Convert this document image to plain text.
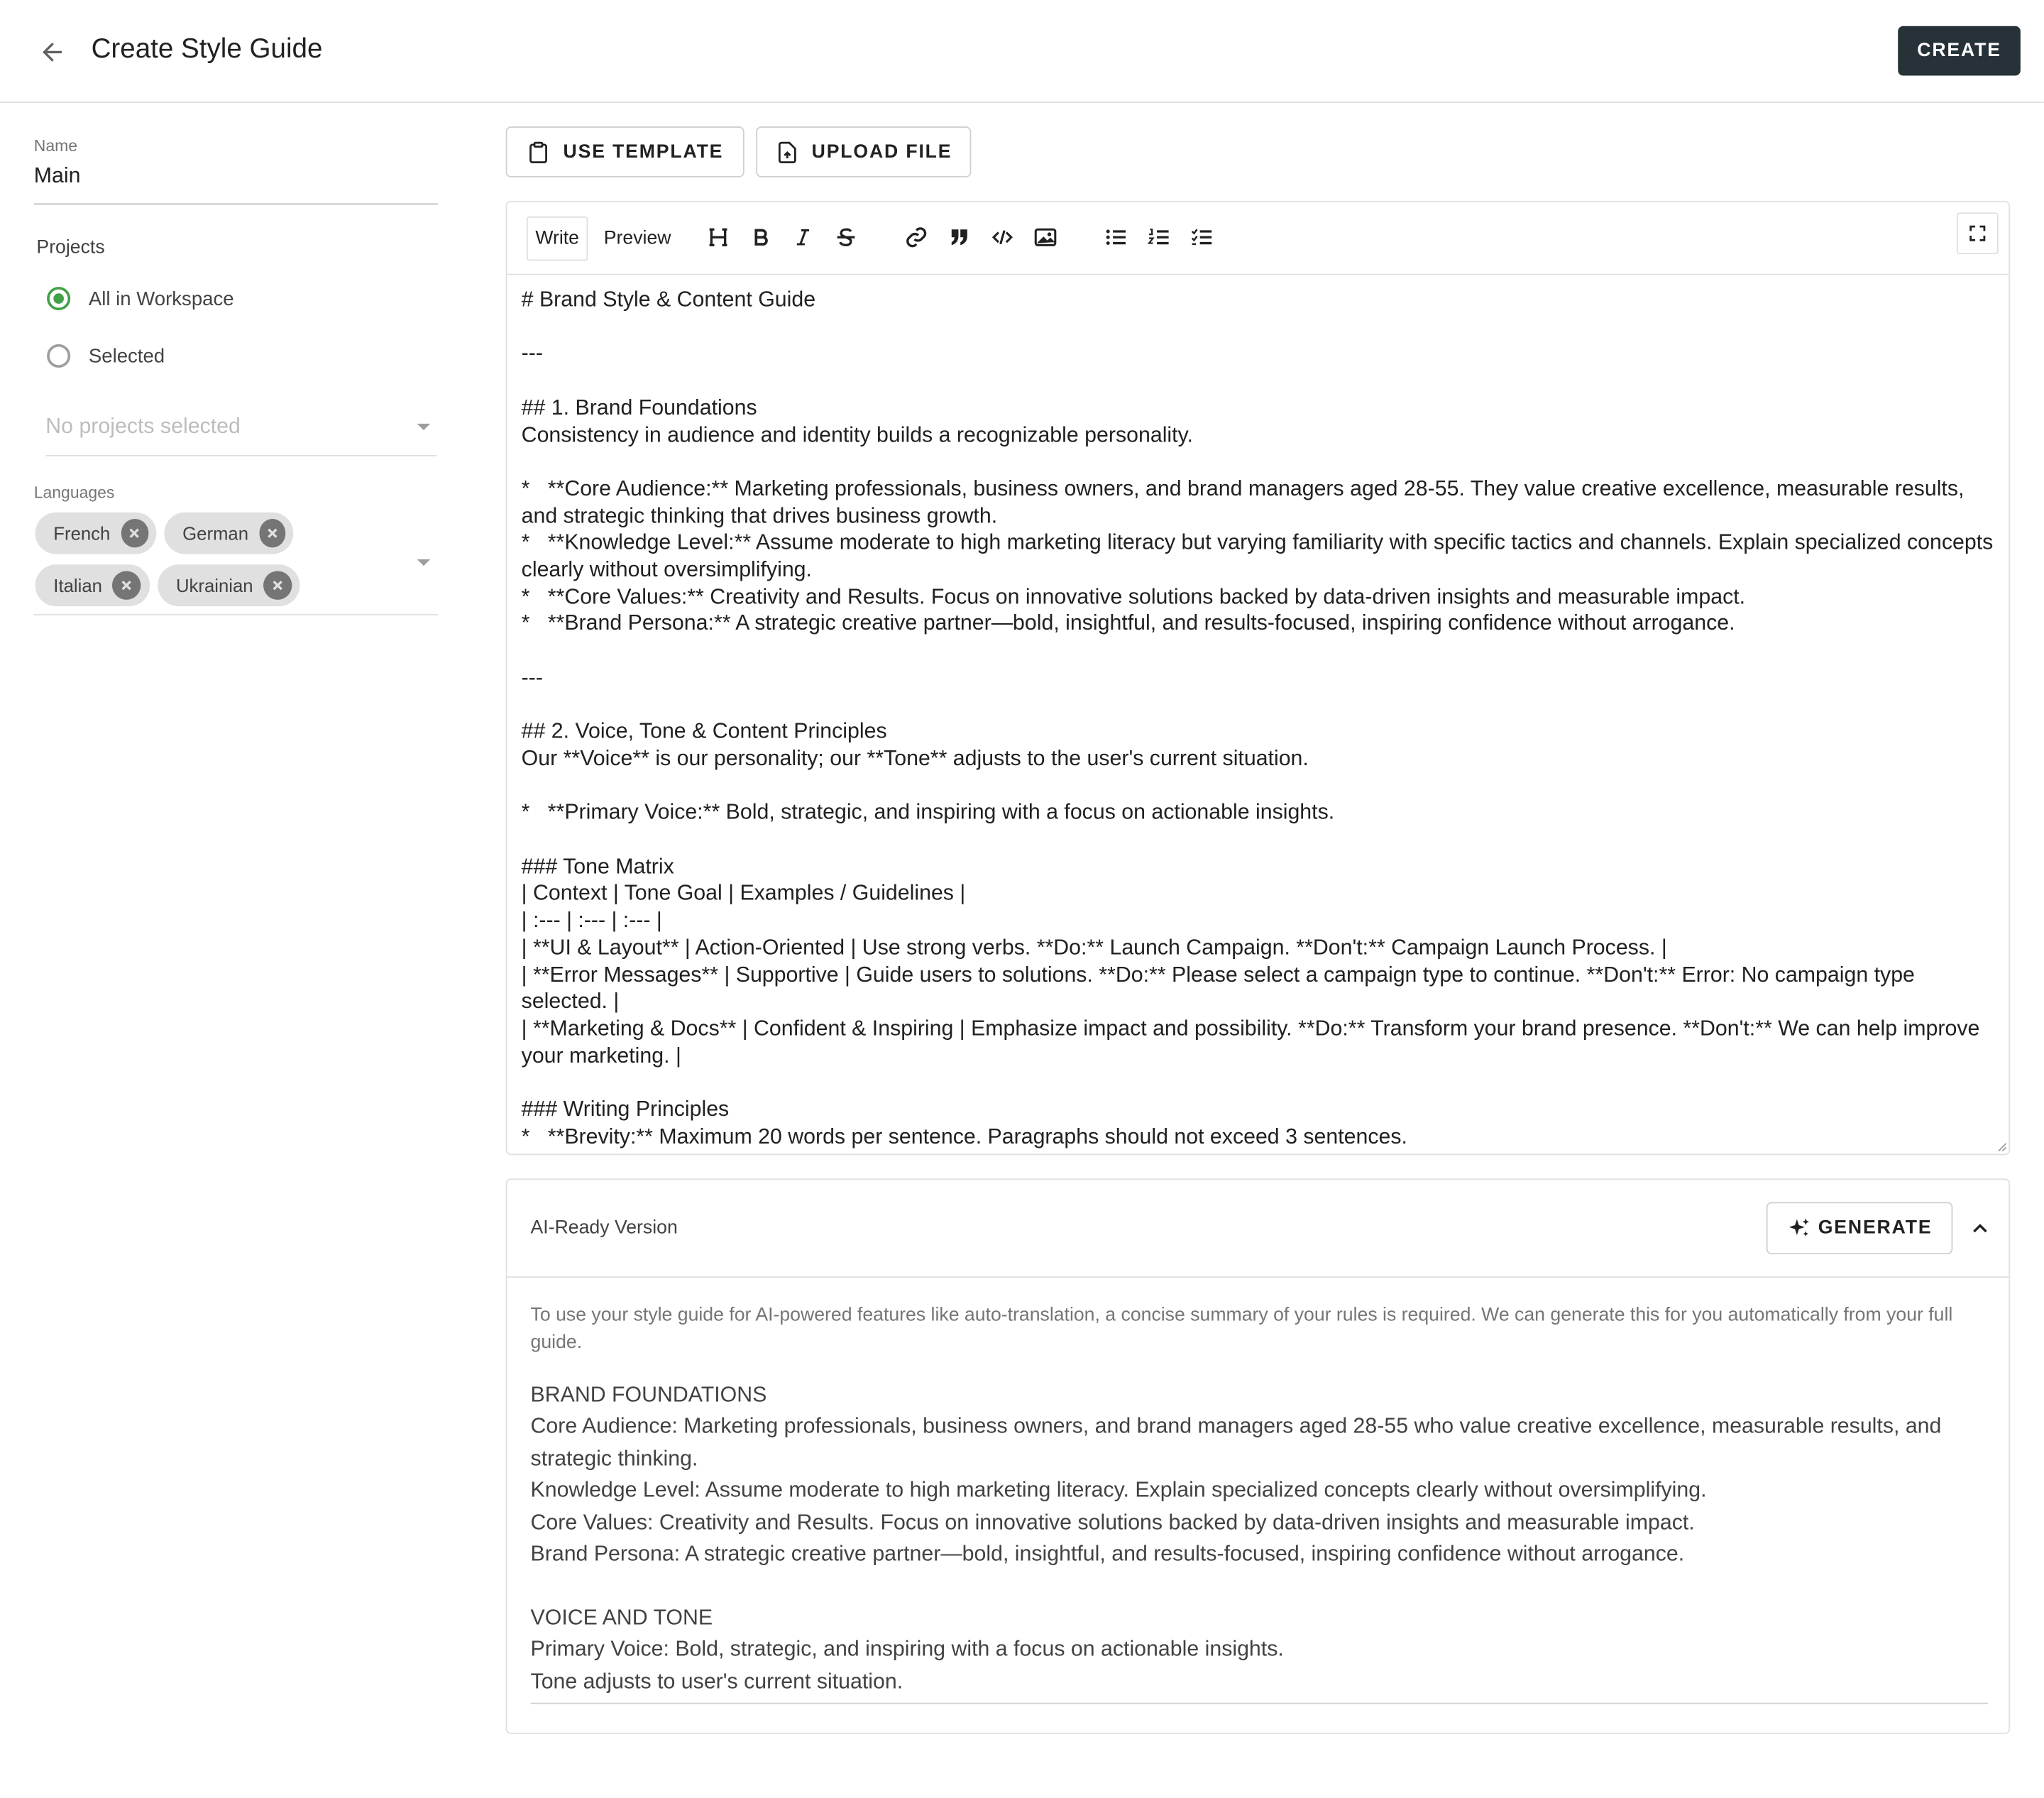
Create Style Guide	CREATE
Name
Main
Projects
All in Workspace
Selected
No projects selected
Languages
French	German
Italian	Ukrainian
USE TEMPLATE	UPLOAD FILE
Write	Preview
# Brand Style & Content Guide

---

## 1. Brand Foundations
Consistency in audience and identity builds a recognizable personality.

*   **Core Audience:** Marketing professionals, business owners, and brand managers aged 28-55. They value creative excellence, measurable results, and strategic thinking that drives business growth.
*   **Knowledge Level:** Assume moderate to high marketing literacy but varying familiarity with specific tactics and channels. Explain specialized concepts clearly without oversimplifying.
*   **Core Values:** Creativity and Results. Focus on innovative solutions backed by data-driven insights and measurable impact.
*   **Brand Persona:** A strategic creative partner—bold, insightful, and results-focused, inspiring confidence without arrogance.

---

## 2. Voice, Tone & Content Principles
Our **Voice** is our personality; our **Tone** adjusts to the user's current situation.

*   **Primary Voice:** Bold, strategic, and inspiring with a focus on actionable insights.

### Tone Matrix
| Context | Tone Goal | Examples / Guidelines |
| :--- | :--- | :--- |
| **UI & Layout** | Action-Oriented | Use strong verbs. **Do:** Launch Campaign. **Don't:** Campaign Launch Process. |
| **Error Messages** | Supportive | Guide users to solutions. **Do:** Please select a campaign type to continue. **Don't:** Error: No campaign type selected. |
| **Marketing & Docs** | Confident & Inspiring | Emphasize impact and possibility. **Do:** Transform your brand presence. **Don't:** We can help improve your marketing. |

### Writing Principles
*   **Brevity:** Maximum 20 words per sentence. Paragraphs should not exceed 3 sentences.
AI-Ready Version	GENERATE
To use your style guide for AI-powered features like auto-translation, a concise summary of your rules is required. We can generate this for you automatically from your full guide.
BRAND FOUNDATIONS
Core Audience: Marketing professionals, business owners, and brand managers aged 28-55 who value creative excellence, measurable results, and strategic thinking.
Knowledge Level: Assume moderate to high marketing literacy. Explain specialized concepts clearly without oversimplifying.
Core Values: Creativity and Results. Focus on innovative solutions backed by data-driven insights and measurable impact.
Brand Persona: A strategic creative partner—bold, insightful, and results-focused, inspiring confidence without arrogance.

VOICE AND TONE
Primary Voice: Bold, strategic, and inspiring with a focus on actionable insights.
Tone adjusts to user's current situation.
